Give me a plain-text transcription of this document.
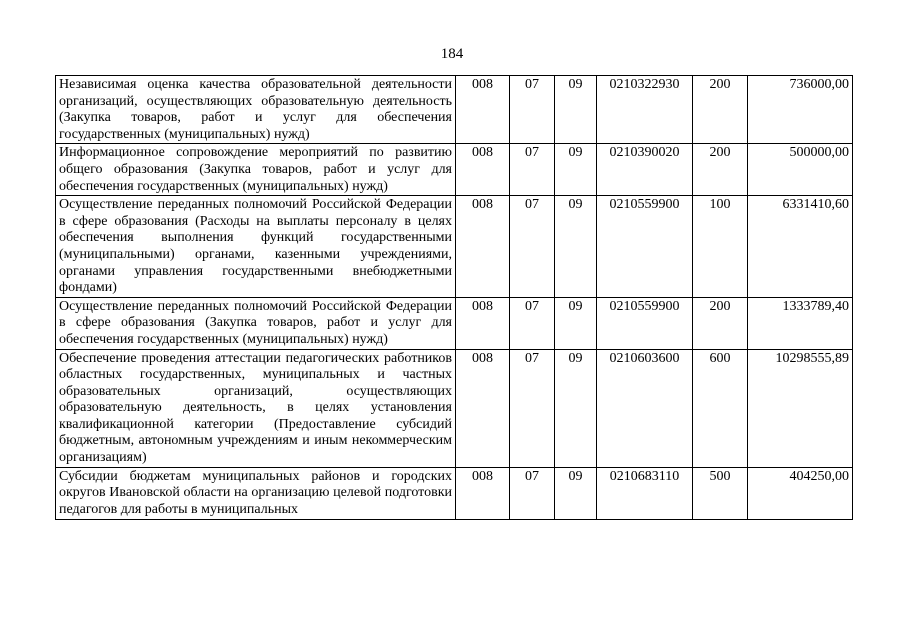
184
Независимая оценка качества образовательной деятельности организаций, осуществляющих образовательную деятельность (Закупка товаров, работ и услуг для обеспечения государственных (муниципальных) нужд)	008	07	09	0210322930	200	736000,00
Информационное сопровождение мероприятий по развитию общего образования (Закупка товаров, работ и услуг для обеспечения государственных (муниципальных) нужд)	008	07	09	0210390020	200	500000,00
Осуществление переданных полномочий Российской Федерации в сфере образования (Расходы на выплаты персоналу в целях обеспечения выполнения функций государственными (муниципальными) органами, казенными учреждениями, органами управления государственными внебюджетными фондами)	008	07	09	0210559900	100	6331410,60
Осуществление переданных полномочий Российской Федерации в сфере образования (Закупка товаров, работ и услуг для обеспечения государственных (муниципальных) нужд)	008	07	09	0210559900	200	1333789,40
Обеспечение проведения аттестации педагогических работников областных государственных, муниципальных и частных образовательных организаций, осуществляющих образовательную деятельность, в целях установления квалификационной категории (Предоставление субсидий бюджетным, автономным учреждениям и иным некоммерческим организациям)	008	07	09	0210603600	600	10298555,89

Субсидии бюджетам муниципальных районов и городских округов Ивановской области на организацию целевой подготовки педагогов для работы в муниципальных	008	07	09	0210683110	500	404250,00
